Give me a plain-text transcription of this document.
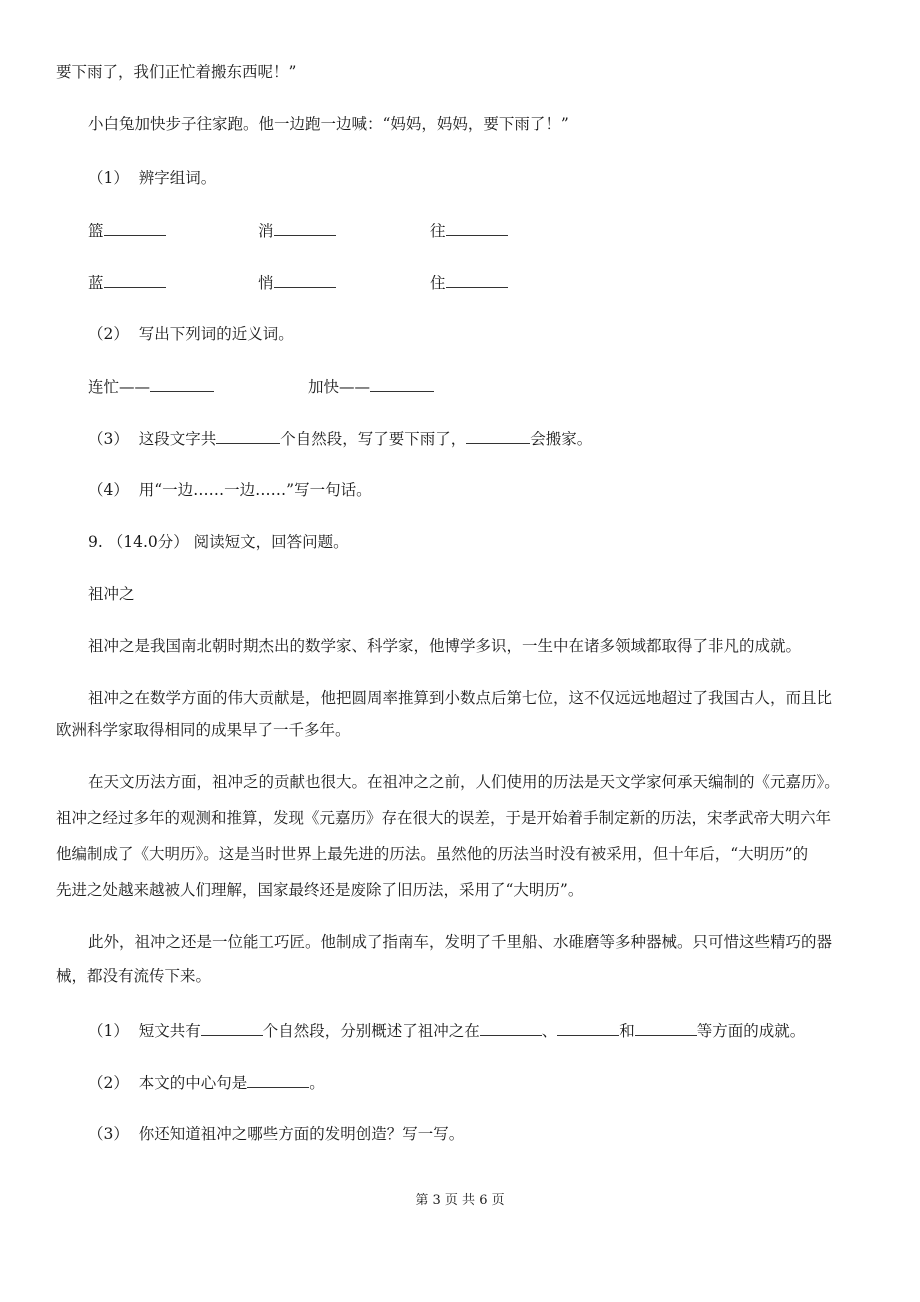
要下雨了，我们正忙着搬东西呢！”
小白兔加快步子往家跑。他一边跑一边喊：“妈妈，妈妈，要下雨了！”
（1） 辨字组词。
篮	消	往
蓝	悄	住
（2） 写出下列词的近义词。
连忙——	加快——
（3） 这段文字共	个自然段，写了要下雨了，	会搬家。
（4） 用“一边……一边……”写一句话。
9. （14.0分） 阅读短文，回答问题。
祖冲之
祖冲之是我国南北朝时期杰出的数学家、科学家，他博学多识，一生中在诸多领域都取得了非凡的成就。
祖冲之在数学方面的伟大贡献是，他把圆周率推算到小数点后第七位，这不仅远远地超过了我国古人，而且比
欧洲科学家取得相同的成果早了一千多年。
在天文历法方面，祖冲乏的贡献也很大。在祖冲之之前，人们使用的历法是天文学家何承天编制的《元嘉历》。
祖冲之经过多年的观测和推算，发现《元嘉历》存在很大的误差，于是开始着手制定新的历法，宋孝武帝大明六年
他编制成了《大明历》。这是当时世界上最先进的历法。虽然他的历法当时没有被采用，但十年后，“大明历”的
先进之处越来越被人们理解，国家最终还是废除了旧历法，采用了“大明历”。
此外，祖冲之还是一位能工巧匠。他制成了指南车，发明了千里船、水碓磨等多种器械。只可惜这些精巧的器
械，都没有流传下来。
（1） 短文共有	个自然段，分别概述了祖冲之在	、	和	等方面的成就。
（2） 本文的中心句是	。
（3） 你还知道祖冲之哪些方面的发明创造？写一写。
第 3 页 共 6 页
